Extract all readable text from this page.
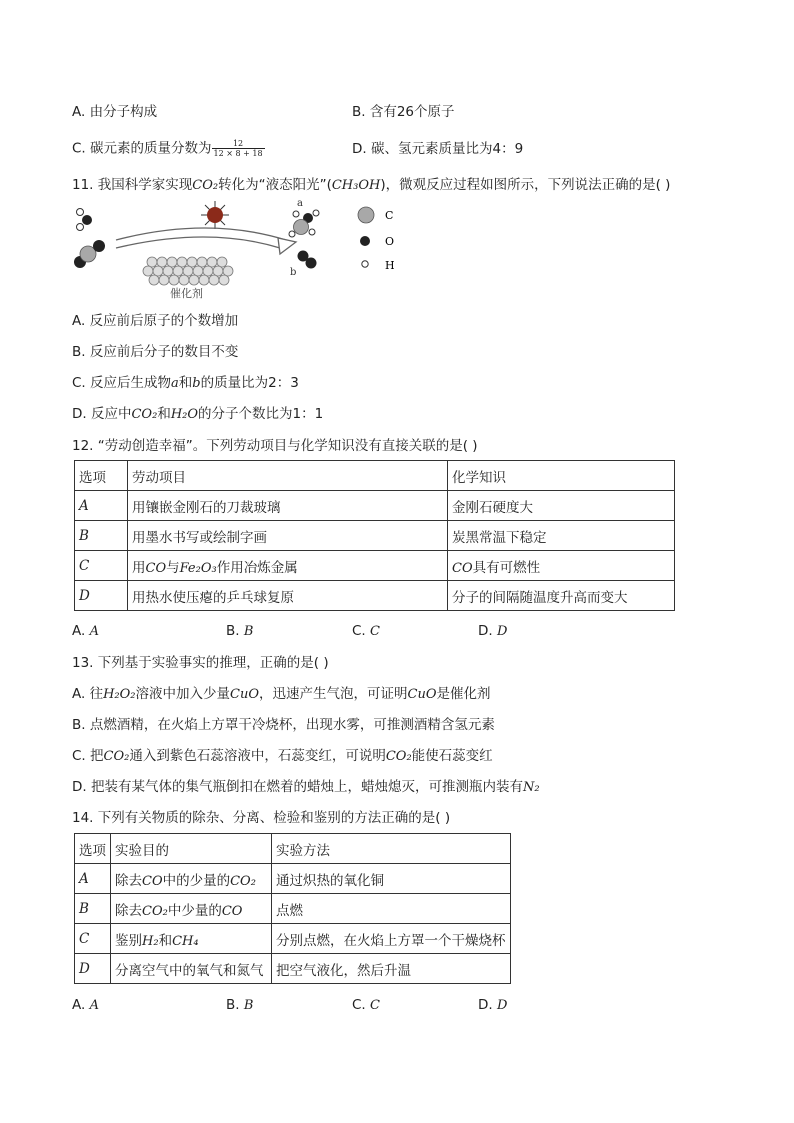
A. 由分子构成	B. 含有26个原子
C. 碳元素的质量分数为 $\frac{12}{12 \times 8 + 18}$	D. 碳、氢元素质量比为4：9
11. 我国科学家实现CO₂转化为“液态阳光”(CH₃OH)，微观反应过程如图所示，下列说法正确的是( )
催化剂
a
b
C
O
H
A. 反应前后原子的个数增加
B. 反应前后分子的数目不变
C. 反应后生成物a和b的质量比为2：3
D. 反应中CO₂和H₂O的分子个数比为1：1
12. “劳动创造幸福”。下列劳动项目与化学知识没有直接关联的是( )
选项	劳动项目	化学知识
A	用镶嵌金刚石的刀裁玻璃	金刚石硬度大
B	用墨水书写或绘制字画	炭黑常温下稳定
C	用CO与Fe₂O₃作用冶炼金属	CO具有可燃性
D	用热水使压瘪的乒乓球复原	分子的间隔随温度升高而变大
A. A	B. B	C. C	D. D
13. 下列基于实验事实的推理，正确的是( )
A. 往H₂O₂溶液中加入少量CuO，迅速产生气泡，可证明CuO是催化剂
B. 点燃酒精，在火焰上方罩干冷烧杯，出现水雾，可推测酒精含氢元素
C. 把CO₂通入到紫色石蕊溶液中，石蕊变红，可说明CO₂能使石蕊变红
D. 把装有某气体的集气瓶倒扣在燃着的蜡烛上，蜡烛熄灭，可推测瓶内装有N₂
14. 下列有关物质的除杂、分离、检验和鉴别的方法正确的是( )
选项	实验目的	实验方法
A	除去CO中的少量的CO₂	通过炽热的氧化铜
B	除去CO₂中少量的CO	点燃
C	鉴别H₂和CH₄	分别点燃，在火焰上方罩一个干燥烧杯
D	分离空气中的氧气和氮气	把空气液化，然后升温
A. A	B. B	C. C	D. D
